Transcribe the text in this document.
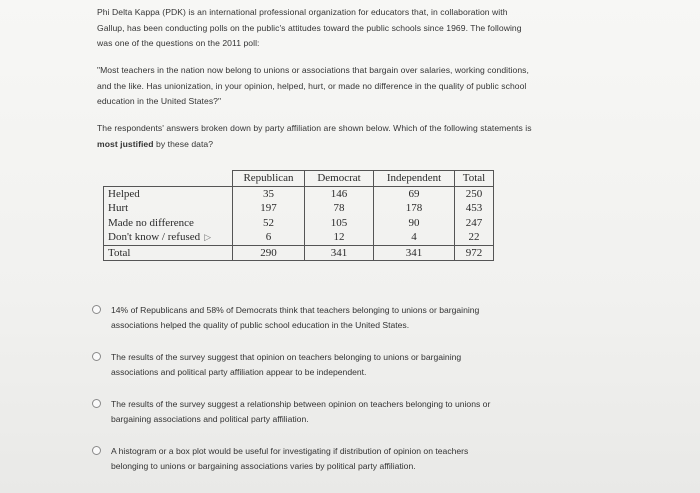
Phi Delta Kappa (PDK) is an international professional organization for educators that, in collaboration with
Gallup, has been conducting polls on the public's attitudes toward the public schools since 1969. The following
was one of the questions on the 2011 poll:
"Most teachers in the nation now belong to unions or associations that bargain over salaries, working conditions,
and the like. Has unionization, in your opinion, helped, hurt, or made no difference in the quality of public school
education in the United States?"
The respondents' answers broken down by party affiliation are shown below. Which of the following statements is
most justified by these data?
	Republican	Democrat	Independent	Total
Helped	35	146	69	250
Hurt	197	78	178	453
Made no difference	52	105	90	247
Don't know / refused ▷	6	12	4	22
Total	290	341	341	972
14% of Republicans and 58% of Democrats think that teachers belonging to unions or bargaining
associations helped the quality of public school education in the United States.
The results of the survey suggest that opinion on teachers belonging to unions or bargaining
associations and political party affiliation appear to be independent.
The results of the survey suggest a relationship between opinion on teachers belonging to unions or
bargaining associations and political party affiliation.
A histogram or a box plot would be useful for investigating if distribution of opinion on teachers
belonging to unions or bargaining associations varies by political party affiliation.
